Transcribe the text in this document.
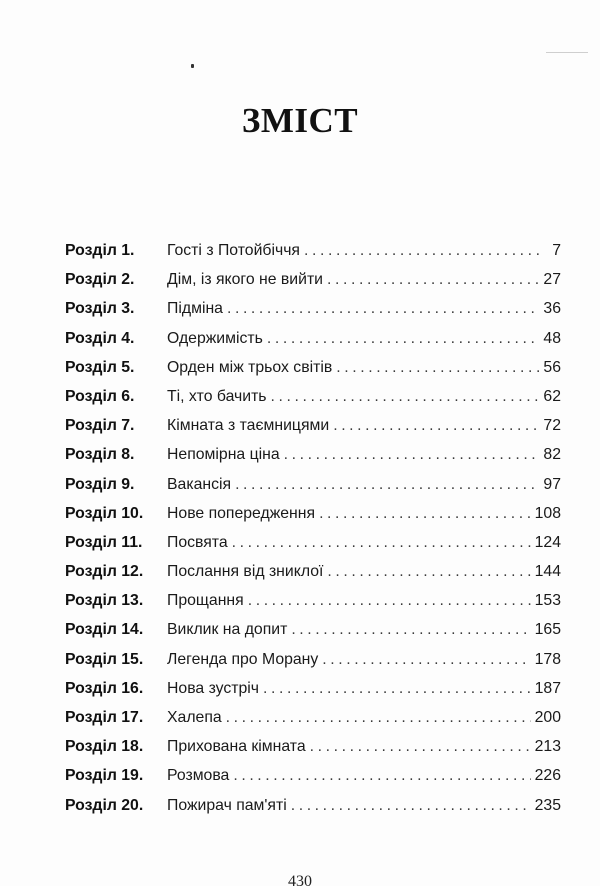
ЗМІСТ
Розділ 1.	Гості з Потойбіччя .....	7
Розділ 2.	Дім, із якого не вийти .....	27
Розділ 3.	Підміна .....	36
Розділ 4.	Одержимість .....	48
Розділ 5.	Орден між трьох світів .....	56
Розділ 6.	Ті, хто бачить .....	62
Розділ 7.	Кімната з таємницями .....	72
Розділ 8.	Непомірна ціна .....	82
Розділ 9.	Вакансія .....	97
Розділ 10.	Нове попередження .....	108
Розділ 11.	Посвята .....	124
Розділ 12.	Послання від зниклої .....	144
Розділ 13.	Прощання .....	153
Розділ 14.	Виклик на допит .....	165
Розділ 15.	Легенда про Морану .....	178
Розділ 16.	Нова зустріч .....	187
Розділ 17.	Халепа .....	200
Розділ 18.	Прихована кімната .....	213
Розділ 19.	Розмова .....	226
Розділ 20.	Пожирач пам'яті .....	235
430
